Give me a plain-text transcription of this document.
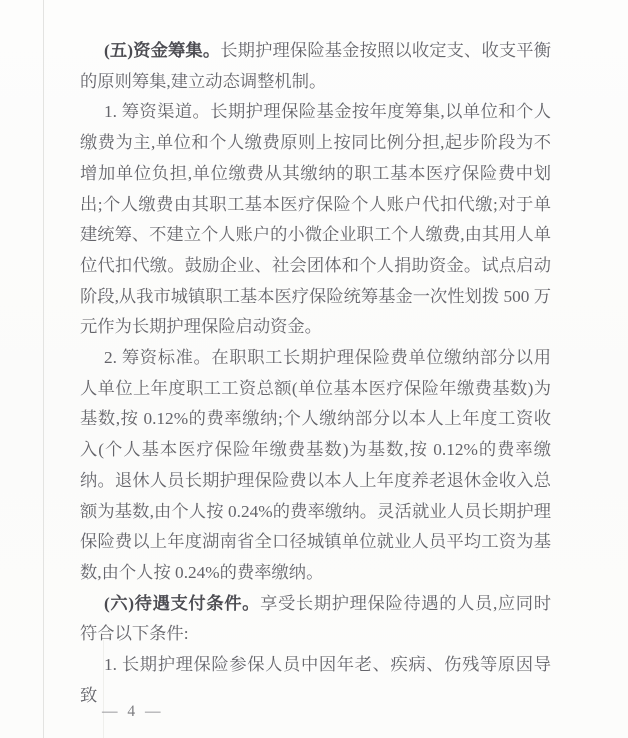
(五)资金筹集。长期护理保险基金按照以收定支、收支平衡的原则筹集,建立动态调整机制。

1. 筹资渠道。长期护理保险基金按年度筹集,以单位和个人缴费为主,单位和个人缴费原则上按同比例分担,起步阶段为不增加单位负担,单位缴费从其缴纳的职工基本医疗保险费中划出;个人缴费由其职工基本医疗保险个人账户代扣代缴;对于单建统筹、不建立个人账户的小微企业职工个人缴费,由其用人单位代扣代缴。鼓励企业、社会团体和个人捐助资金。试点启动阶段,从我市城镇职工基本医疗保险统筹基金一次性划拨 500 万元作为长期护理保险启动资金。

2. 筹资标准。在职职工长期护理保险费单位缴纳部分以用人单位上年度职工工资总额(单位基本医疗保险年缴费基数)为基数,按 0.12%的费率缴纳;个人缴纳部分以本人上年度工资收入(个人基本医疗保险年缴费基数)为基数,按 0.12%的费率缴纳。退休人员长期护理保险费以本人上年度养老退休金收入总额为基数,由个人按 0.24%的费率缴纳。灵活就业人员长期护理保险费以上年度湖南省全口径城镇单位就业人员平均工资为基数,由个人按 0.24%的费率缴纳。

(六)待遇支付条件。享受长期护理保险待遇的人员,应同时符合以下条件:

1. 长期护理保险参保人员中因年老、疾病、伤残等原因导致

— 4 —
